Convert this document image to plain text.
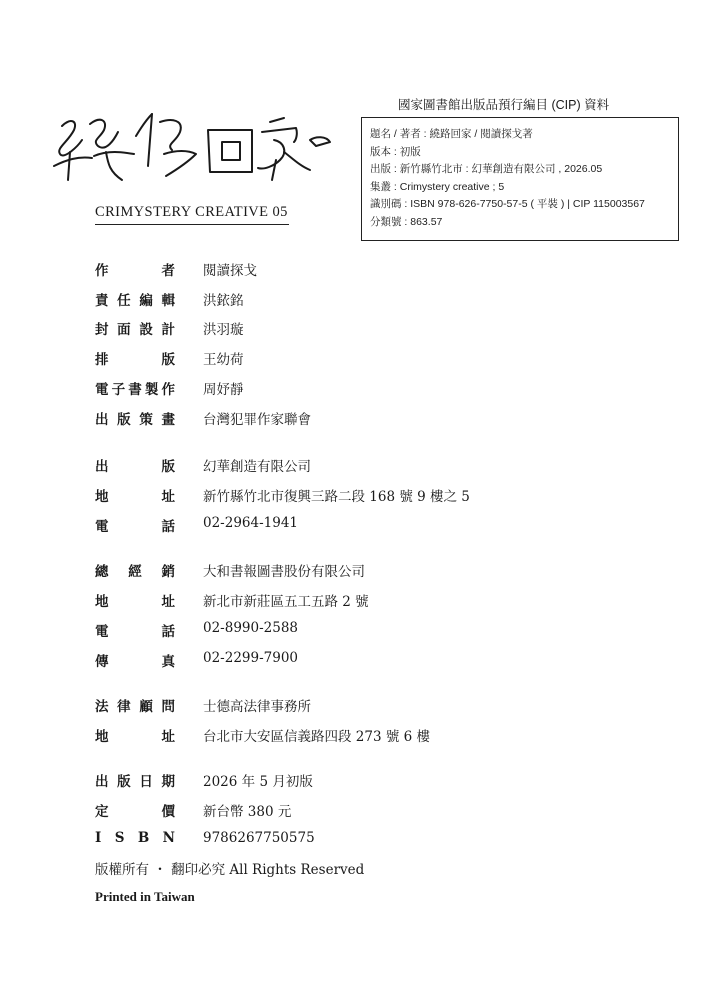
CRIMYSTERY CREATIVE 05
國家圖書館出版品預行編目 (CIP) 資料
題名 / 著者 : 繞路回家 / 閱讀探戈著
版本 : 初版
出版 : 新竹縣竹北市 : 幻華創造有限公司 , 2026.05
集叢 : Crimystery creative ; 5
識別碼 : ISBN 978-626-7750-57-5 ( 平裝 ) | CIP 115003567
分類號 : 863.57
作	者 閱讀探戈
責 任 編 輯 洪銥銘
封 面 設 計 洪羽璇
排	版 王幼荷
電 子 書 製 作 周妤靜
出 版 策 畫 台灣犯罪作家聯會
出	版 幻華創造有限公司
地	址 新竹縣竹北市復興三路二段 168 號 9 樓之 5
電	話 02-2964-1941
總 經 銷 大和書報圖書股份有限公司
地	址 新北市新莊區五工五路 2 號
電	話 02-8990-2588
傳	真 02-2299-7900
法 律 顧 問 士德高法律事務所
地	址 台北市大安區信義路四段 273 號 6 樓
出 版 日 期 2026 年 5 月初版
定	價 新台幣 380 元
I S B N 9786267750575
版權所有 ・ 翻印必究 All Rights Reserved
Printed in Taiwan
